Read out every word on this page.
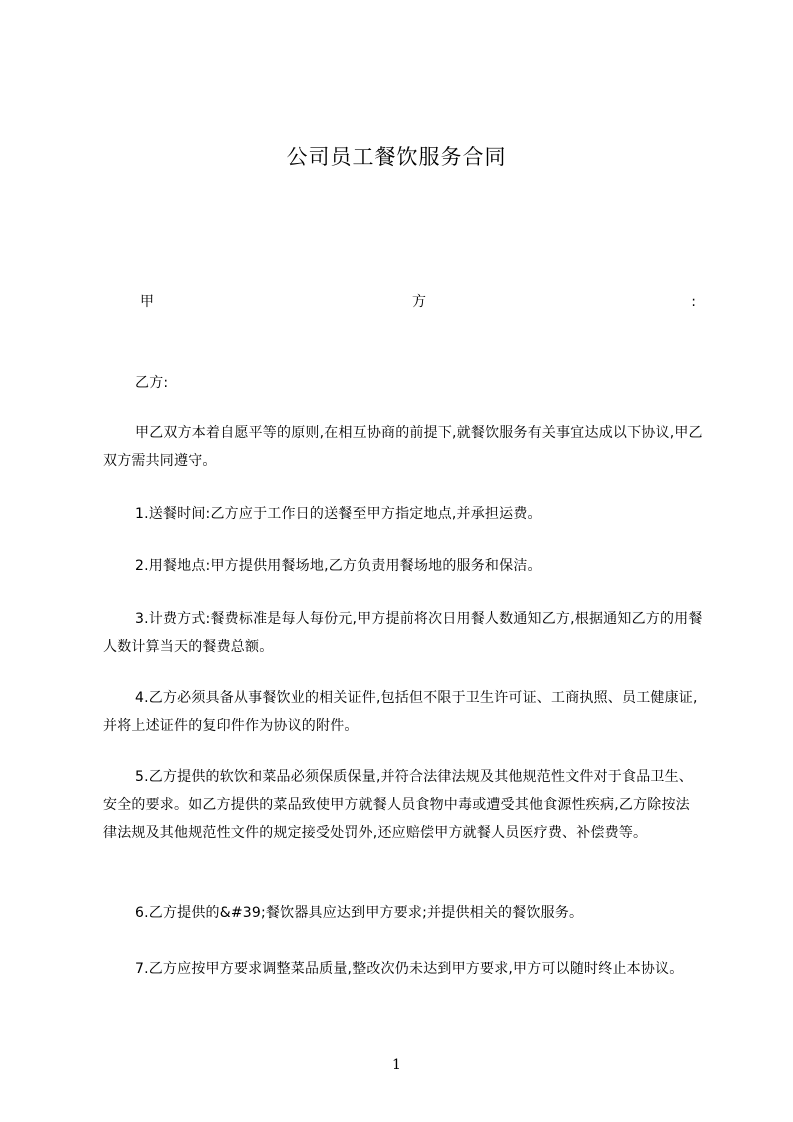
公司员工餐饮服务合同
甲	方	:

乙方:

甲乙双方本着自愿平等的原则,在相互协商的前提下,就餐饮服务有关事宜达成以下协议,甲乙双方需共同遵守。

1.送餐时间:乙方应于工作日的送餐至甲方指定地点,并承担运费。

2.用餐地点:甲方提供用餐场地,乙方负责用餐场地的服务和保洁。

3.计费方式:餐费标准是每人每份元,甲方提前将次日用餐人数通知乙方,根据通知乙方的用餐人数计算当天的餐费总额。

4.乙方必须具备从事餐饮业的相关证件,包括但不限于卫生许可证、工商执照、员工健康证,并将上述证件的复印件作为协议的附件。

5.乙方提供的软饮和菜品必须保质保量,并符合法律法规及其他规范性文件对于食品卫生、安全的要求。如乙方提供的菜品致使甲方就餐人员食物中毒或遭受其他食源性疾病,乙方除按法律法规及其他规范性文件的规定接受处罚外,还应赔偿甲方就餐人员医疗费、补偿费等。

6.乙方提供的&#39;餐饮器具应达到甲方要求;并提供相关的餐饮服务。

7.乙方应按甲方要求调整菜品质量,整改次仍未达到甲方要求,甲方可以随时终止本协议。

1
